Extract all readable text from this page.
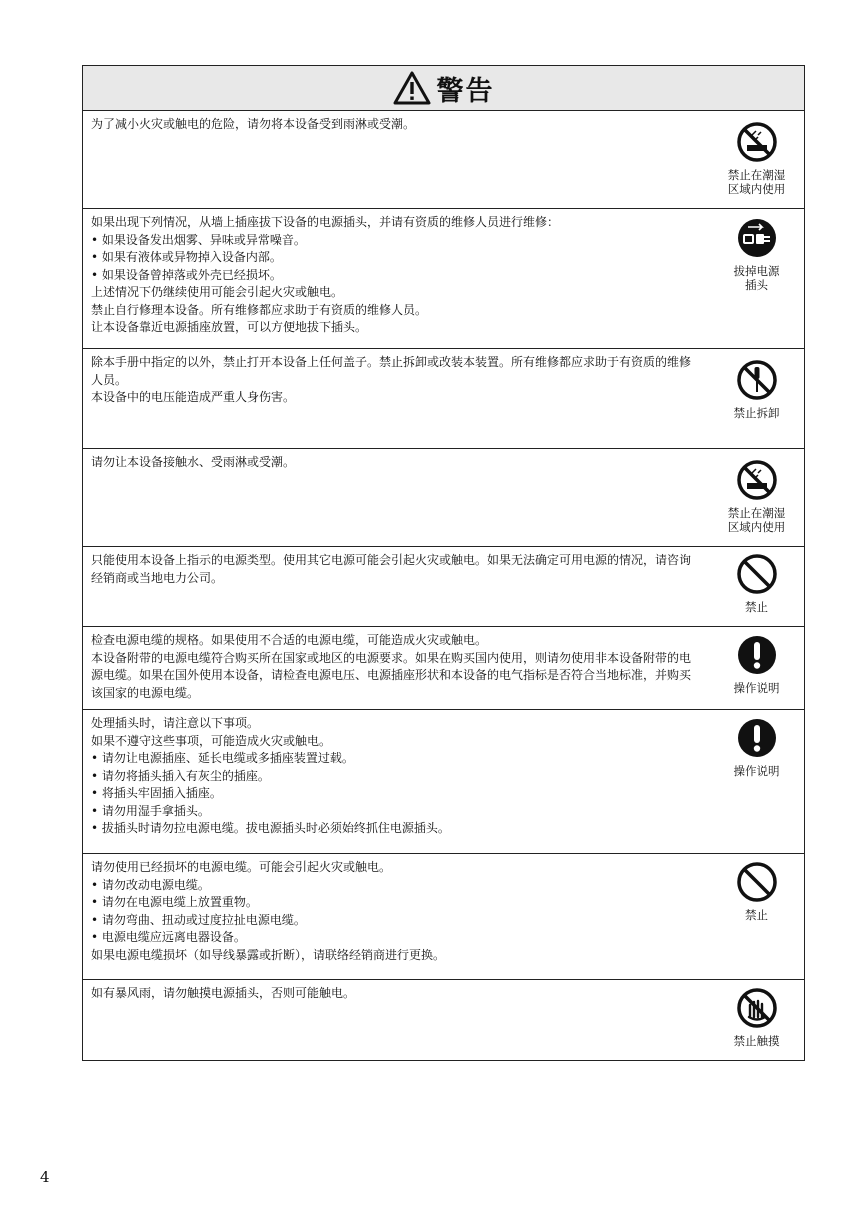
警告

为了减小火灾或触电的危险，请勿将本设备受到雨淋或受潮。

禁止在潮湿
区域内使用

如果出现下列情况，从墙上插座拔下设备的电源插头，并请有资质的维修人员进行维修：

• 如果设备发出烟雾、异味或异常噪音。

• 如果有液体或异物掉入设备内部。

• 如果设备曾掉落或外壳已经损坏。

上述情况下仍继续使用可能会引起火灾或触电。

禁止自行修理本设备。所有维修都应求助于有资质的维修人员。

让本设备靠近电源插座放置，可以方便地拔下插头。

拔掉电源
插头

除本手册中指定的以外，禁止打开本设备上任何盖子。禁止拆卸或改装本装置。所有维修都应求助于有资质的维修人员。

本设备中的电压能造成严重人身伤害。

禁止拆卸

请勿让本设备接触水、受雨淋或受潮。

禁止在潮湿
区域内使用

只能使用本设备上指示的电源类型。使用其它电源可能会引起火灾或触电。如果无法确定可用电源的情况，请咨询经销商或当地电力公司。

禁止

检查电源电缆的规格。如果使用不合适的电源电缆，可能造成火灾或触电。

本设备附带的电源电缆符合购买所在国家或地区的电源要求。如果在购买国内使用，则请勿使用非本设备附带的电源电缆。如果在国外使用本设备，请检查电源电压、电源插座形状和本设备的电气指标是否符合当地标准，并购买该国家的电源电缆。	操作说明

处理插头时，请注意以下事项。

如果不遵守这些事项，可能造成火灾或触电。

• 请勿让电源插座、延长电缆或多插座装置过载。

• 请勿将插头插入有灰尘的插座。

• 将插头牢固插入插座。

• 请勿用湿手拿插头。

• 拔插头时请勿拉电源电缆。拔电源插头时必须始终抓住电源插头。

操作说明

请勿使用已经损坏的电源电缆。可能会引起火灾或触电。

• 请勿改动电源电缆。

• 请勿在电源电缆上放置重物。

• 请勿弯曲、扭动或过度拉扯电源电缆。

• 电源电缆应远离电器设备。

如果电源电缆损坏（如导线暴露或折断），请联络经销商进行更换。

禁止

如有暴风雨，请勿触摸电源插头，否则可能触电。

禁止触摸
4
